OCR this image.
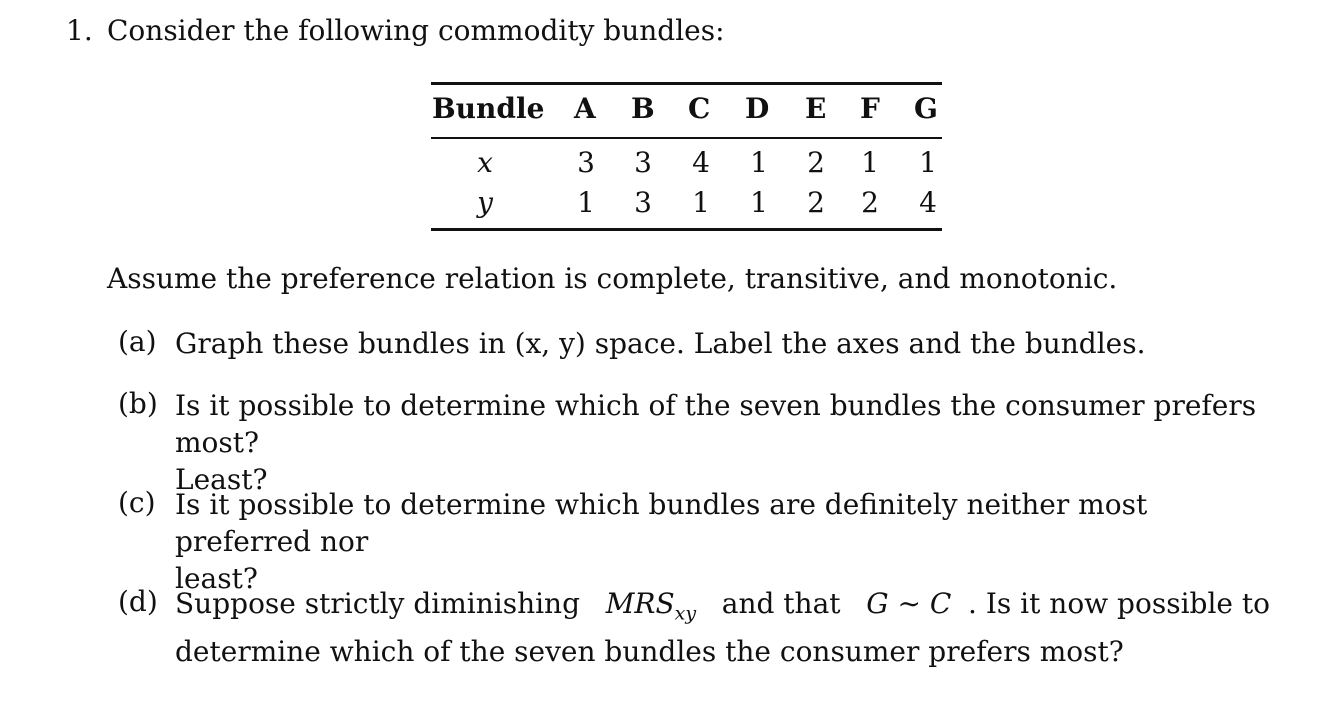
1. Consider the following commodity bundles:
Bundle A B C D E F G
x	3 3 4 1 2 1 1
y	1 3 1 1 2 2 4
Assume the preference relation is complete, transitive, and monotonic.
(a) Graph these bundles in (x, y) space. Label the axes and the bundles.
(b) Is it possible to determine which of the seven bundles the consumer prefers most?
Least?
(c) Is it possible to determine which bundles are definitely neither most preferred nor
least?
(d) Suppose strictly diminishing $MRS_{xy}$ and that G ∼ C . Is it now possible to
determine which of the seven bundles the consumer prefers most?
